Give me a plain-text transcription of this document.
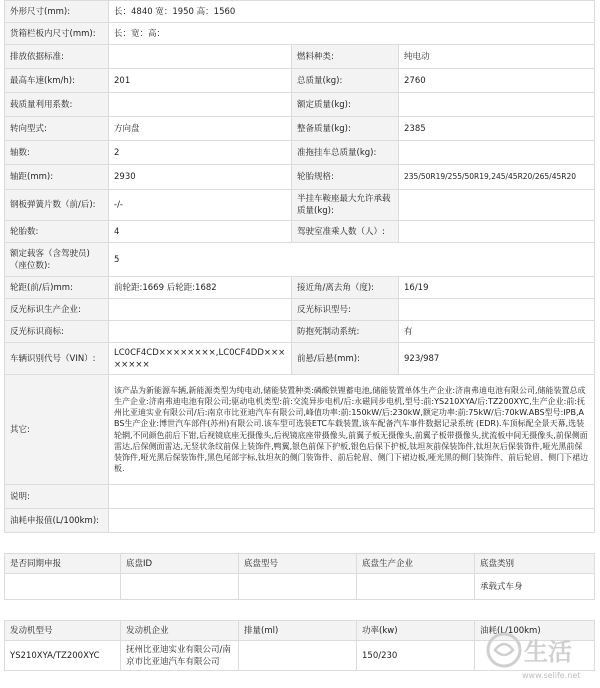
外形尺寸(mm):	长：4840 宽：1950 高：1560		
货箱栏板内尺寸(mm):	长：宽：高：		
排放依据标准:		燃料种类:	纯电动
最高车速(km/h):	201	总质量(kg):	2760
载质量利用系数:		额定质量(kg):	
转向型式:	方向盘	整备质量(kg):	2385
轴数:	2	准拖挂车总质量(kg):	
轴距(mm):	2930	轮胎规格:	235/50R19/255/50R19,245/45R20/265/45R20
钢板弹簧片数（前/后):	-/-	半挂车鞍座最大允许承载质量(kg):	
轮胎数:	4	驾驶室准乘人数（人）:	
额定载客（含驾驶员)（座位数):	5		
轮距(前/后)mm:	前轮距:1669 后轮距:1682	接近角/离去角（度):	16/19
反光标识生产企业:		反光标识型号:	
反光标识商标:		防抱死制动系统:	有
车辆识别代号（VIN）:	LC0CF4CD××××××××,LC0CF4DD××××××××	前悬/后悬(mm):	923/987
其它:	该产品为新能源车辆,新能源类型为纯电动,储能装置种类:磷酸铁锂蓄电池,储能装置单体生产企业:济南弗迪电池有限公司,储能装置总成生产企业:济南弗迪电池有限公司;驱动电机类型:前:交流异步电机/后:永磁同步电机,型号:前:YS210XYA/后:TZ200XYC,生产企业:前:抚州比亚迪实业有限公司/后:南京市比亚迪汽车有限公司,峰值功率:前:150kW/后:230kW,额定功率:前:75kW/后:70kW.ABS型号:IPB,ABS生产企业:博世汽车部件(苏州)有限公司.该车型可选装ETC车载装置,该车配备汽车事件数据记录系统 (EDR).车顶标配全景天幕,选装轮辋,不同颜色前后下钳,后视镜底座无摄像头,后视镜底座带摄像头,前翼子板无摄像头,前翼子板带摄像头,扰流板中间无摄像头,前保侧面雷达,后保侧面雷达,无竖状条纹前保上装饰件,鸭翼,银色前保下护板,银色后保下护板,钛坦灰前保装饰件,钛坦灰后保装饰件,哑光黑前保装饰件,哑光黑后保装饰件,黑色尾部字标,钛坦灰的侧门装饰件、前后轮眉、侧门下裙边板,哑光黑的侧门装饰件、前后轮眉、侧门下裙边板.		
说明:			
油耗申报值(L/100km):			
是否同期申报	底盘ID	底盘型号	底盘生产企业	底盘类别
				承载式车身
发动机型号	发动机企业	排量(ml)	功率(kw)	油耗(L/100km)
YS210XYA/TZ200XYC	抚州比亚迪实业有限公司/南京市比亚迪汽车有限公司		150/230		生活
www.selife.net
